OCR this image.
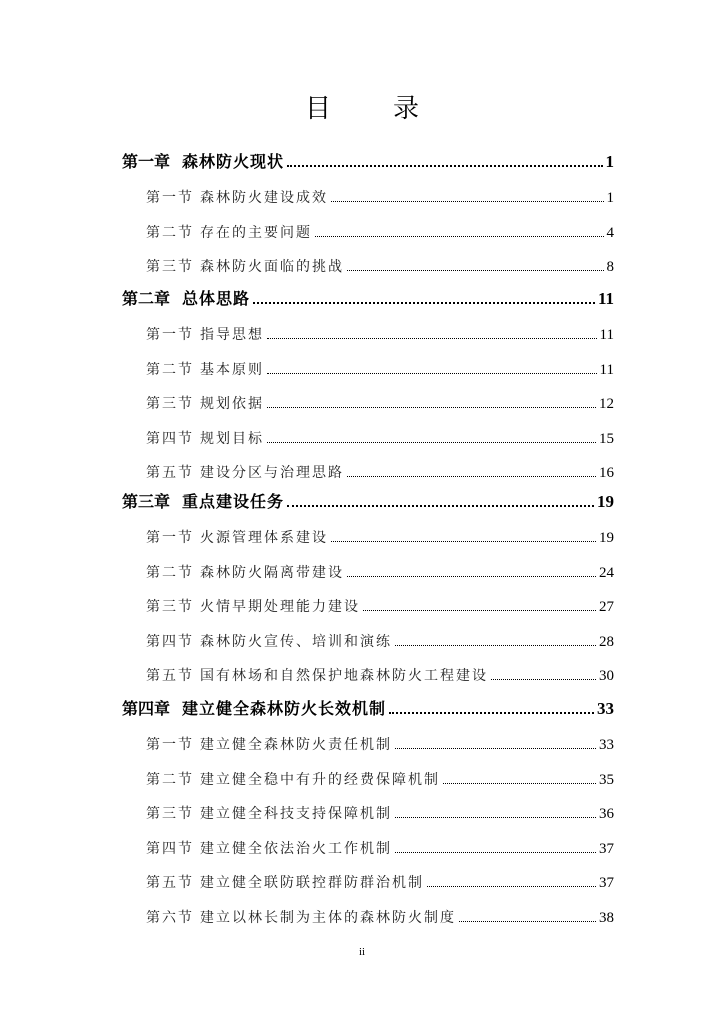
目 录
第一章 森林防火现状	1
第一节 森林防火建设成效	1
第二节 存在的主要问题	4
第三节 森林防火面临的挑战	8
第二章 总体思路	11
第一节 指导思想	11
第二节 基本原则	11
第三节 规划依据	12
第四节 规划目标	15
第五节 建设分区与治理思路	16
第三章 重点建设任务	19
第一节 火源管理体系建设	19
第二节 森林防火隔离带建设	24
第三节 火情早期处理能力建设	27
第四节 森林防火宣传、培训和演练	28
第五节 国有林场和自然保护地森林防火工程建设	30
第四章 建立健全森林防火长效机制	33
第一节 建立健全森林防火责任机制	33
第二节 建立健全稳中有升的经费保障机制	35
第三节 建立健全科技支持保障机制	36
第四节 建立健全依法治火工作机制	37
第五节 建立健全联防联控群防群治机制	37
第六节 建立以林长制为主体的森林防火制度	38
ii
